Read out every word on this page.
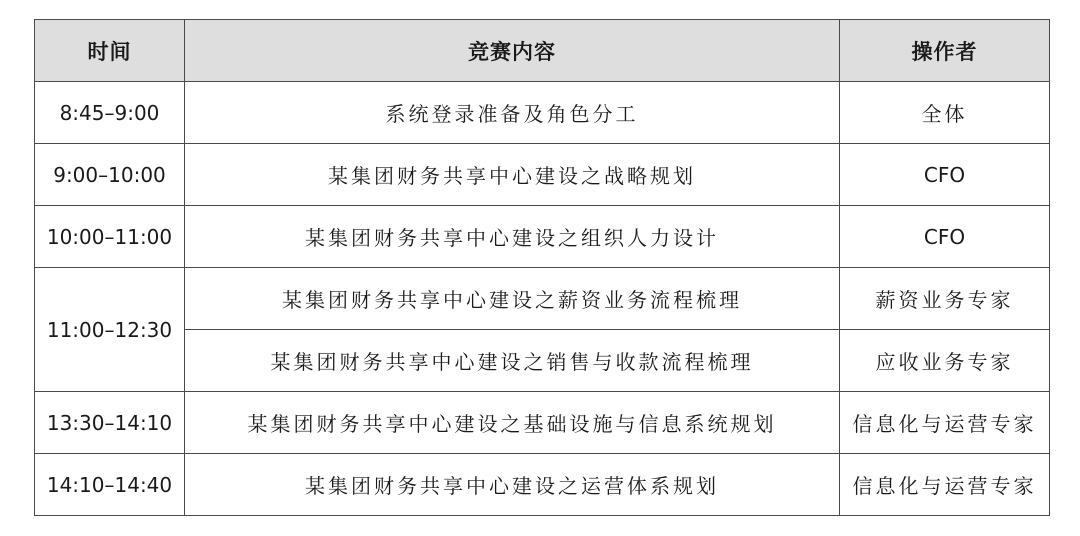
时间	竞赛内容	操作者
8:45–9:00	系统登录准备及角色分工	全体
9:00–10:00	某集团财务共享中心建设之战略规划	CFO
10:00–11:00	某集团财务共享中心建设之组织人力设计	CFO
11:00–12:30	某集团财务共享中心建设之薪资业务流程梳理	薪资业务专家
	某集团财务共享中心建设之销售与收款流程梳理	应收业务专家
13:30–14:10	某集团财务共享中心建设之基础设施与信息系统规划	信息化与运营专家
14:10–14:40	某集团财务共享中心建设之运营体系规划	信息化与运营专家
